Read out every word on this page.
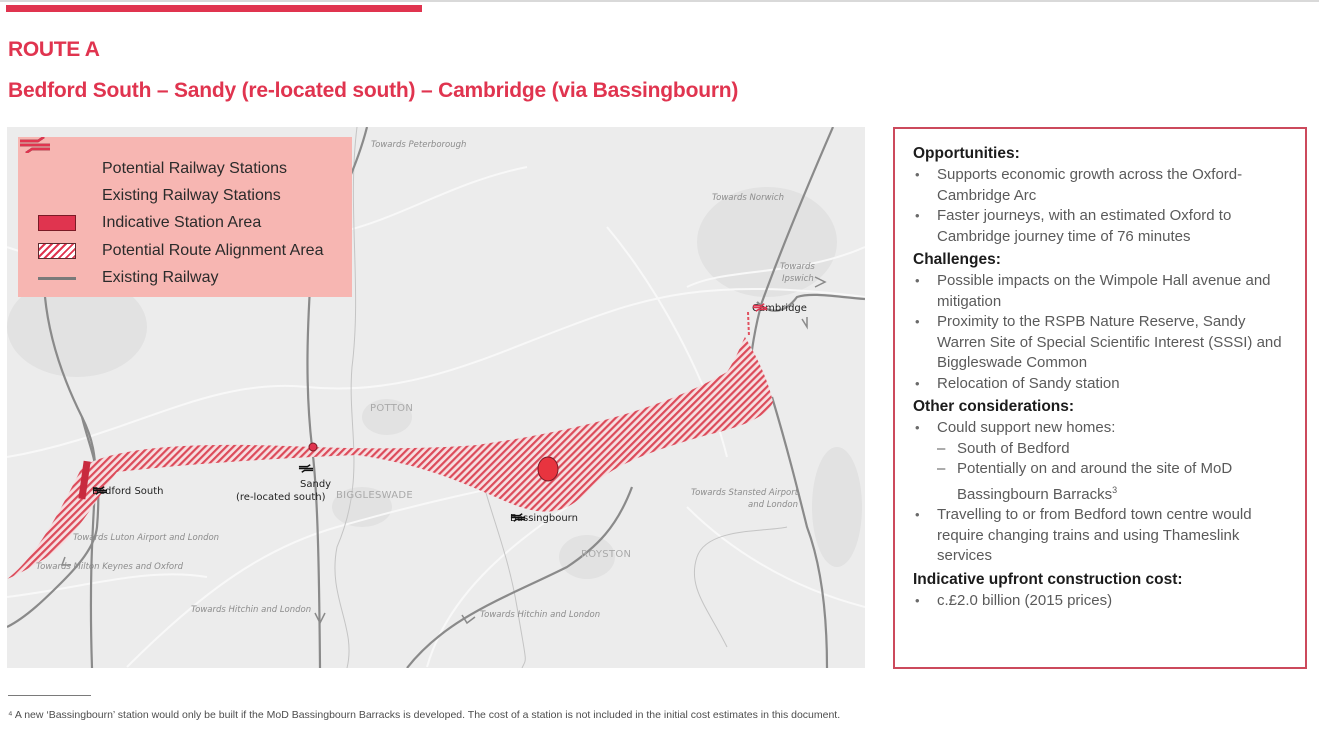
ROUTE A
Bedford South – Sandy (re-located south) – Cambridge (via Bassingbourn)
Potential Railway Stations
Existing Railway Stations
Indicative Station Area
Potential Route Alignment Area
Existing Railway
Towards Peterborough
Towards Norwich
Towards
Ipswich
Towards Stansted Airport
and London
Towards Luton Airport and London
Towards Milton Keynes and Oxford
Towards Hitchin and London	Towards Hitchin and London
POTTON
BIGGLESWADE
ROYSTON
Bedford South
Sandy
(re-located south)
Bassingbourn
Cambridge
Opportunities:
• Supports economic growth across the Oxford-Cambridge Arc
• Faster journeys, with an estimated Oxford to Cambridge journey time of 76 minutes
Challenges:
• Possible impacts on the Wimpole Hall avenue and mitigation
• Proximity to the RSPB Nature Reserve, Sandy Warren Site of Special Scientific Interest (SSSI) and Biggleswade Common
• Relocation of Sandy station
Other considerations:
• Could support new homes:
– South of Bedford
– Potentially on and around the site of MoD Bassingbourn Barracks$^3$
• Travelling to or from Bedford town centre would require changing trains and using Thameslink services
Indicative upfront construction cost:
• c.£2.0 billion (2015 prices)
⁴ A new ‘Bassingbourn’ station would only be built if the MoD Bassingbourn Barracks is developed. The cost of a station is not included in the initial cost estimates in this document.
